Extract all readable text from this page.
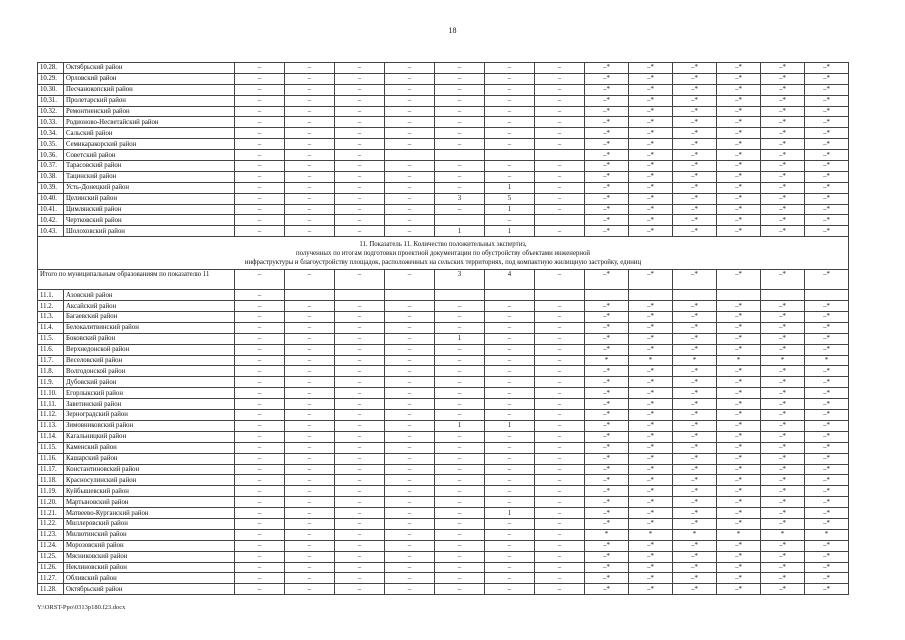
18
10.28.	Октябрьский район	–	–	–	–	–	–	–	–*	–*	–*	–*	–*	–*
10.29.	Орловский район	–	–	–	–	–	–	–	–*	–*	–*	–*	–*	–*
10.30.	Песчанокопский район	–	–	–	–	–	–	–	–*	–*	–*	–*	–*	–*
10.31.	Пролетарский район	–	–	–	–	–	–	–	–*	–*	–*	–*	–*	–*
10.32.	Ремонтненский район	–	–	–	–	–	–	–	–*	–*	–*	–*	–*	–*
10.33.	Родионово-Несветайский район	–	–	–	–	–	–	–	–*	–*	–*	–*	–*	–*
10.34.	Сальский район	–	–	–	–	–	–	–	–*	–*	–*	–*	–*	–*
10.35.	Семикаракорский район	–	–	–	–	–	–	–	–*	–*	–*	–*	–*	–*
10.36.	Советский район	–	–	–					–*	–*	–*	–*	–*	–*
10.37.	Тарасовский район	–	–	–	–	–	–	–	–*	–*	–*	–*	–*	–*
10.38.	Тацинский район	–	–	–	–	–	–	–	–*	–*	–*	–*	–*	–*
10.39.	Усть-Донецкий район	–	–	–	–	–	1	–	–*	–*	–*	–*	–*	–*
10.40.	Целинский район	–	–	–	–	3	5	–	–*	–*	–*	–*	–*	–*
10.41.	Цимлянский район	–	–	–	–	–	1	–	–*	–*	–*	–*	–*	–*
10.42.	Чертковский район	–	–	–	–		–		–*	–*	–*	–*	–*	–*
10.43.	Шолоховский район	–	–	–	–	1	1	–	–*	–*	–*	–*	–*	–*

11. Показатель 11. Количество положительных экспертиз,
полученных по итогам подготовки проектной документации по обустройству объектами инженерной
инфраструктуры и благоустройству площадок, расположенных на сельских территориях, под компактную жилищную застройку, единиц														

Итого по муниципальным образованиям по показателю 11		–	–	–	–	3	4	–	–*	–*	–*	–*	–*	–*
11.1.	Азовский район	–												
11.2.	Аксайский район	–	–	–	–	–	–	–	–*	–*	–*	–*	–*	–*
11.3.	Багаевский район	–	–	–	–	–	–	–	–*	–*	–*	–*	–*	–*
11.4.	Белокалитвинский район	–	–	–	–	–	–	–	–*	–*	–*	–*	–*	–*
11.5.	Боковский район	–	–	–	–	1	–	–	–*	–*	–*	–*	–*	–*
11.6.	Верхнедонской район	–	–	–	–	–	–	–	–*	–*	–*	–*	–*	–*
11.7.	Веселовский район	–	–	–	–	–	–	–	*	*	*	*	*	*
11.8.	Волгодонской район	–	–	–	–	–	–	–	–*	–*	–*	–*	–*	–*
11.9.	Дубовский район	–	–	–	–	–	–	–	–*	–*	–*	–*	–*	–*
11.10.	Егорлыкский район	–	–	–	–	–	–	–	–*	–*	–*	–*	–*	–*
11.11.	Заветинский район	–	–	–	–	–	–	–	–*	–*	–*	–*	–*	–*
11.12.	Зерноградский район	–	–	–	–	–	–	–	–*	–*	–*	–*	–*	–*
11.13.	Зимовниковский район	–	–	–	–	1	1	–	–*	–*	–*	–*	–*	–*
11.14.	Кагальницкий район	–	–	–	–	–	–	–	–*	–*	–*	–*	–*	–*
11.15.	Каменский район	–	–	–	–	–	–	–	–*	–*	–*	–*	–*	–*
11.16.	Кашарский район	–	–	–	–	–	–	–	–*	–*	–*	–*	–*	–*
11.17.	Константиновский район	–	–	–	–	–	–	–	–*	–*	–*	–*	–*	–*
11.18.	Красносулинский район	–	–	–	–	–	–	–	–*	–*	–*	–*	–*	–*
11.19.	Куйбышевский район	–	–	–	–	–	–	–	–*	–*	–*	–*	–*	–*
11.20.	Мартыновский район	–	–	–	–	–	–	–	–*	–*	–*	–*	–*	–*
11.21.	Матвеево-Курганский район	–	–	–	–	–	1	–	–*	–*	–*	–*	–*	–*
11.22.	Миллеровский район	–	–	–	–	–	–	–	–*	–*	–*	–*	–*	–*
11.23.	Милютинский район	–	–	–	–	–	–	–	*	*	*	*	*	*
11.24.	Морозовский район	–	–	–	–	–	–	–	–*	–*	–*	–*	–*	–*
11.25.	Мясниковский район	–	–	–	–	–	–	–	–*	–*	–*	–*	–*	–*
11.26.	Неклиновский район	–	–	–	–	–	–	–	–*	–*	–*	–*	–*	–*
11.27.	Обливский район	–	–	–	–	–	–	–	–*	–*	–*	–*	–*	–*
11.28.	Октябрьский район	–	–	–	–	–	–	–	–*	–*	–*	–*	–*	–*
Y:\ORST-Ppo\0313p180.f23.docx
